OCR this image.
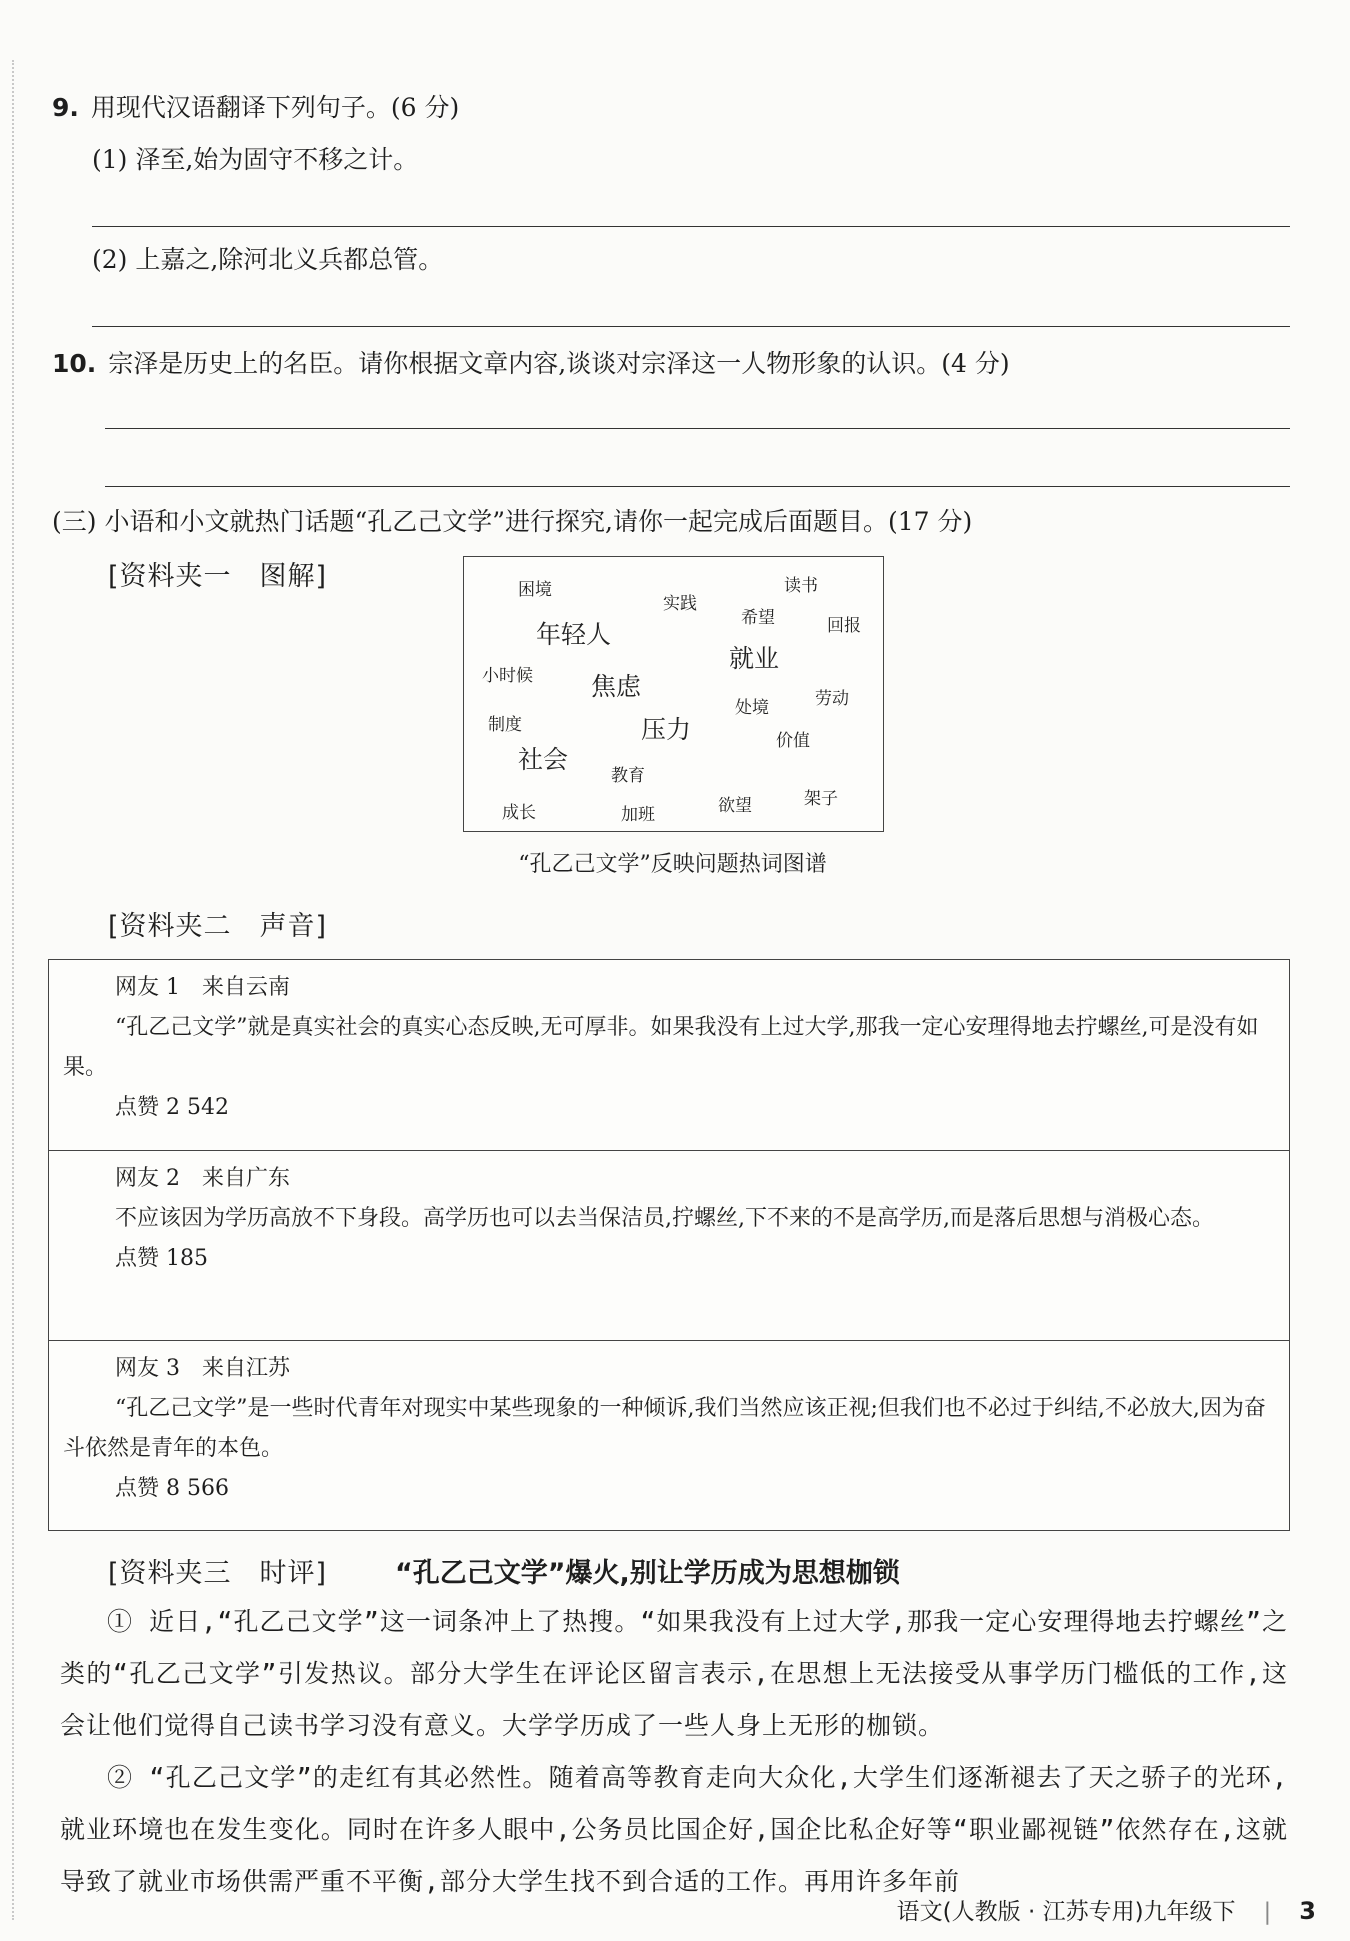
9. 用现代汉语翻译下列句子。(6 分)
(1) 泽至,始为固守不移之计。
(2) 上嘉之,除河北义兵都总管。
10. 宗泽是历史上的名臣。请你根据文章内容,谈谈对宗泽这一人物形象的认识。(4 分)
(三) 小语和小文就热门话题“孔乙己文学”进行探究,请你一起完成后面题目。(17 分)
[资料夹一　 图解]	困境
实践
读书
年轻人
希望	回报
就业
小时候 焦虑
处境	劳动
制度	压力	价值
社会
教育
成长	加班	欲望	架子
“孔乙己文学”反映问题热词图谱
[资料夹二　 声音]
网友 1　来自云南
“孔乙己文学”就是真实社会的真实心态反映,无可厚非。如果我没有上过大学,那我一定心安理得地去拧螺丝,可是没有如果。
点赞 2 542
网友 2　来自广东
不应该因为学历高放不下身段。高学历也可以去当保洁员,拧螺丝,下不来的不是高学历,而是落后思想与消极心态。
点赞 185
网友 3　来自江苏
“孔乙己文学”是一些时代青年对现实中某些现象的一种倾诉,我们当然应该正视;但我们也不必过于纠结,不必放大,因为奋斗依然是青年的本色。
点赞 8 566
[资料夹三　 时评]	“孔乙己文学”爆火,别让学历成为思想枷锁
① 近日,“孔乙己文学”这一词条冲上了热搜。“如果我没有上过大学,那我一定心安理得地去拧螺丝”之类的“孔乙己文学”引发热议。部分大学生在评论区留言表示,在思想上无法接受从事学历门槛低的工作,这会让他们觉得自己读书学习没有意义。大学学历成了一些人身上无形的枷锁。
② “孔乙己文学”的走红有其必然性。随着高等教育走向大众化,大学生们逐渐褪去了天之骄子的光环,就业环境也在发生变化。同时在许多人眼中,公务员比国企好,国企比私企好等“职业鄙视链”依然存在,这就导致了就业市场供需严重不平衡,部分大学生找不到合适的工作。再用许多年前
语文(人教版 · 江苏专用)九年级下 | 3
